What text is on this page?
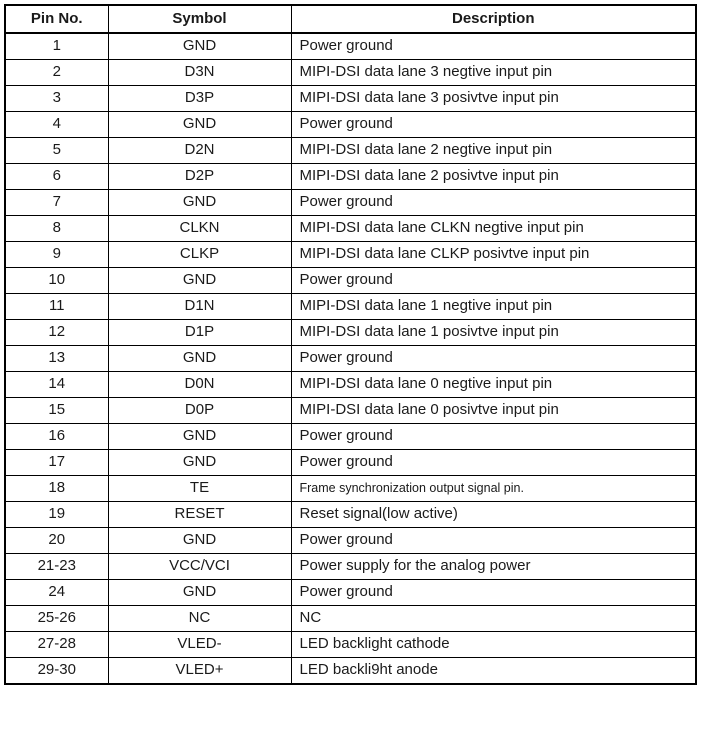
Pin No.	Symbol	Description
1	GND	Power ground
2	D3N	MIPI-DSI data lane 3 negtive input pin
3	D3P	MIPI-DSI data lane 3 posivtve input pin
4	GND	Power ground
5	D2N	MIPI-DSI data lane 2 negtive input pin
6	D2P	MIPI-DSI data lane 2 posivtve input pin
7	GND	Power ground
8	CLKN	MIPI-DSI data lane CLKN negtive input pin
9	CLKP	MIPI-DSI data lane CLKP posivtve input pin
10	GND	Power ground
11	D1N	MIPI-DSI data lane 1 negtive input pin
12	D1P	MIPI-DSI data lane 1 posivtve input pin
13	GND	Power ground
14	D0N	MIPI-DSI data lane 0 negtive input pin
15	D0P	MIPI-DSI data lane 0 posivtve input pin
16	GND	Power ground
17	GND	Power ground
18	TE	Frame synchronization output signal pin.
19	RESET	Reset signal(low active)
20	GND	Power ground
21-23	VCC/VCI	Power supply for the analog power
24	GND	Power ground
25-26	NC	NC
27-28	VLED-	LED backlight cathode
29-30	VLED+	LED backli9ht anode
